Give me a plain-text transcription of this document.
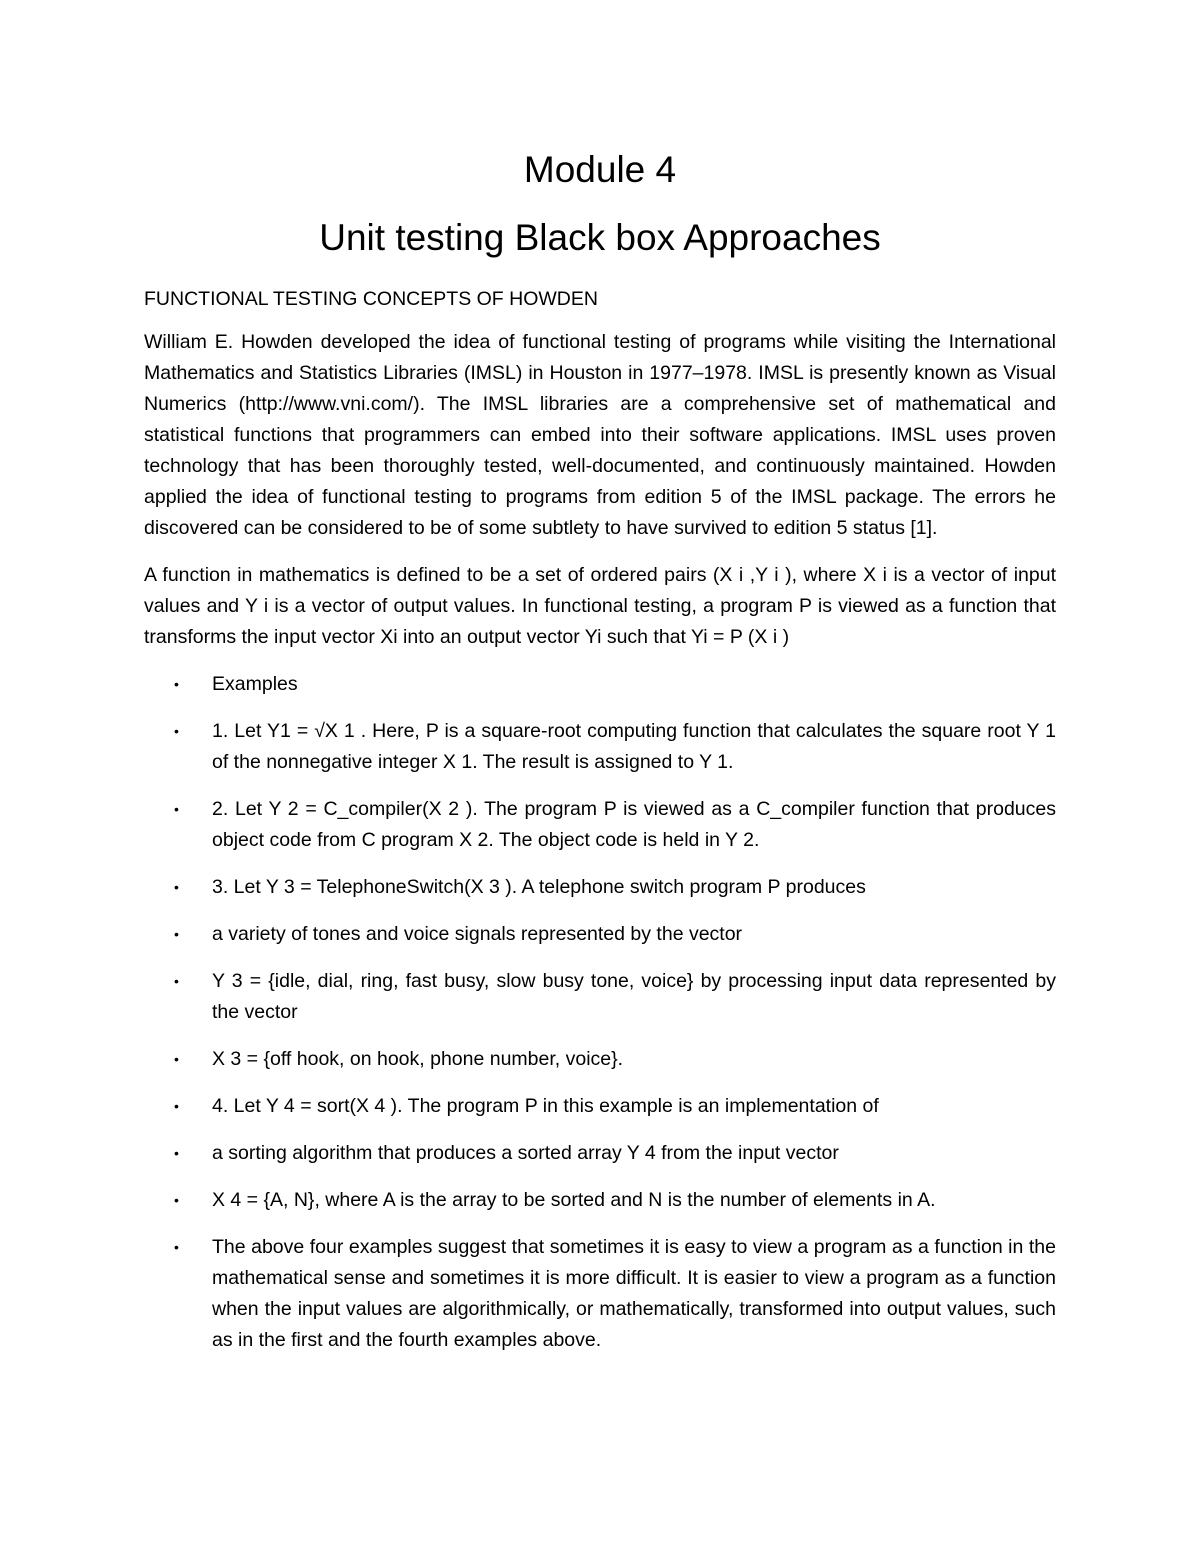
Module 4
Unit testing Black box Approaches

FUNCTIONAL TESTING CONCEPTS OF HOWDEN

William E. Howden developed the idea of functional testing of programs while visiting the International Mathematics and Statistics Libraries (IMSL) in Houston in 1977–1978. IMSL is presently known as Visual Numerics (http://www.vni.com/). The IMSL libraries are a comprehensive set of mathematical and statistical functions that programmers can embed into their software applications. IMSL uses proven technology that has been thoroughly tested, well-documented, and continuously maintained. Howden applied the idea of functional testing to programs from edition 5 of the IMSL package. The errors he discovered can be considered to be of some subtlety to have survived to edition 5 status [1].

A function in mathematics is defined to be a set of ordered pairs (X i ,Y i ), where X i is a vector of input values and Y i is a vector of output values. In functional testing, a program P is viewed as a function that transforms the input vector Xi into an output vector Yi such that Yi = P (X i )

• Examples
• 1. Let Y1 = √X 1 . Here, P is a square-root computing function that calculates the square root Y 1 of the nonnegative integer X 1. The result is assigned to Y 1.
• 2. Let Y 2 = C_compiler(X 2 ). The program P is viewed as a C_compiler function that produces object code from C program X 2. The object code is held in Y 2.
• 3. Let Y 3 = TelephoneSwitch(X 3 ). A telephone switch program P produces
• a variety of tones and voice signals represented by the vector
• Y 3 = {idle, dial, ring, fast busy, slow busy tone, voice} by processing input data represented by the vector
• X 3 = {off hook, on hook, phone number, voice}.
• 4. Let Y 4 = sort(X 4 ). The program P in this example is an implementation of
• a sorting algorithm that produces a sorted array Y 4 from the input vector
• X 4 = {A, N}, where A is the array to be sorted and N is the number of elements in A.
• The above four examples suggest that sometimes it is easy to view a program as a function in the mathematical sense and sometimes it is more difficult. It is easier to view a program as a function when the input values are algorithmically, or mathematically, transformed into output values, such as in the first and the fourth examples above.
